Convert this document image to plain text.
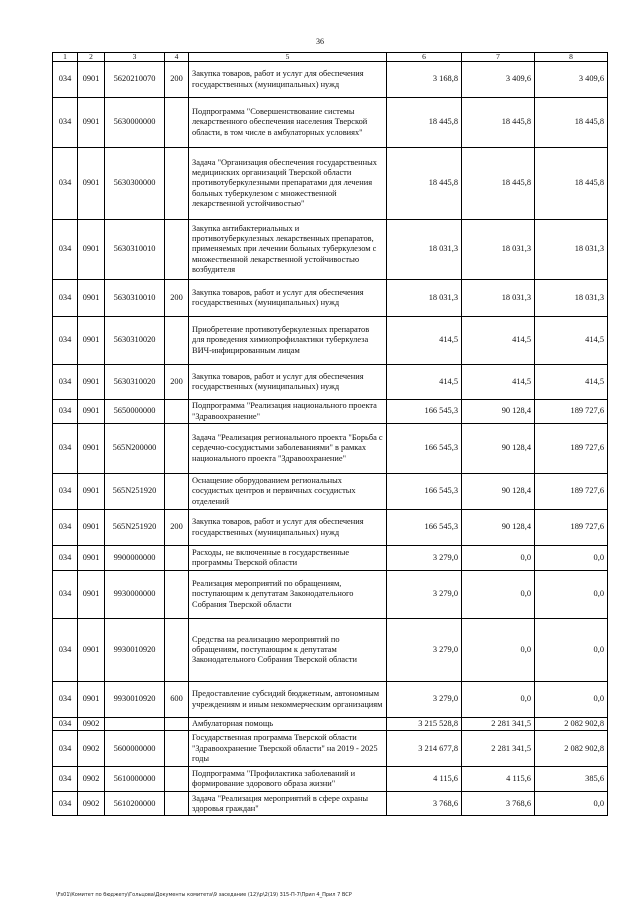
36
1	2	3	4	5	6	7	8
034	0901	5620210070	200	Закупка товаров, работ и услуг для обеспечения государственных (муниципальных) нужд	3 168,8	3 409,6	3 409,6
034	0901	5630000000		Подпрограмма "Совершенствование системы лекарственного обеспечения населения Тверской области, в том числе в амбулаторных условиях"	18 445,8	18 445,8	18 445,8
034	0901	5630300000		Задача "Организация обеспечения государственных медицинских организаций Тверской области противотуберкулезными препаратами для лечения больных туберкулезом с множественной лекарственной устойчивостью"	18 445,8	18 445,8	18 445,8
034	0901	5630310010		Закупка антибактериальных и противотуберкулезных лекарственных препаратов, применяемых при лечении больных туберкулезом с множественной лекарственной устойчивостью возбудителя	18 031,3	18 031,3	18 031,3
034	0901	5630310010	200	Закупка товаров, работ и услуг для обеспечения государственных (муниципальных) нужд	18 031,3	18 031,3	18 031,3
034	0901	5630310020		Приобретение противотуберкулезных препаратов для проведения химиопрофилактики туберкулеза ВИЧ-инфицированным лицам	414,5	414,5	414,5
034	0901	5630310020	200	Закупка товаров, работ и услуг для обеспечения государственных (муниципальных) нужд	414,5	414,5	414,5
034	0901	5650000000		Подпрограмма "Реализация национального проекта "Здравоохранение"	166 545,3	90 128,4	189 727,6
034	0901	565N200000		Задача "Реализация регионального проекта "Борьба с сердечно-сосудистыми заболеваниями" в рамках национального проекта "Здравоохранение"	166 545,3	90 128,4	189 727,6
034	0901	565N251920		Оснащение оборудованием региональных сосудистых центров и первичных сосудистых отделений	166 545,3	90 128,4	189 727,6
034	0901	565N251920	200	Закупка товаров, работ и услуг для обеспечения государственных (муниципальных) нужд	166 545,3	90 128,4	189 727,6
034	0901	9900000000		Расходы, не включенные в государственные программы Тверской области	3 279,0	0,0	0,0
034	0901	9930000000		Реализация мероприятий по обращениям, поступающим к депутатам Законодательного Собрания Тверской области	3 279,0	0,0	0,0
034	0901	9930010920		Средства на реализацию мероприятий по обращениям, поступающим к депутатам Законодательного Собрания Тверской области	3 279,0	0,0	0,0
034	0901	9930010920	600	Предоставление субсидий бюджетным, автономным учреждениям и иным некоммерческим организациям	3 279,0	0,0	0,0
034	0902			Амбулаторная помощь	3 215 528,8	2 281 341,5	2 082 902,8
034	0902	5600000000		Государственная программа Тверской области "Здравоохранение Тверской области" на 2019 - 2025 годы	3 214 677,8	2 281 341,5	2 082 902,8
034	0902	5610000000		Подпрограмма "Профилактика заболеваний и формирование здорового образа жизни"	4 115,6	4 115,6	385,6
034	0902	5610200000		Задача "Реализация мероприятий в сфере охраны здоровья граждан"	3 768,6	3 768,6	0,0
\Fs01\Комитет по бюджету\Гольцова\Документы комитета\9 заседание (12)\p\2(19) 315-П-7\Прил 4_Прил 7 ВСР
